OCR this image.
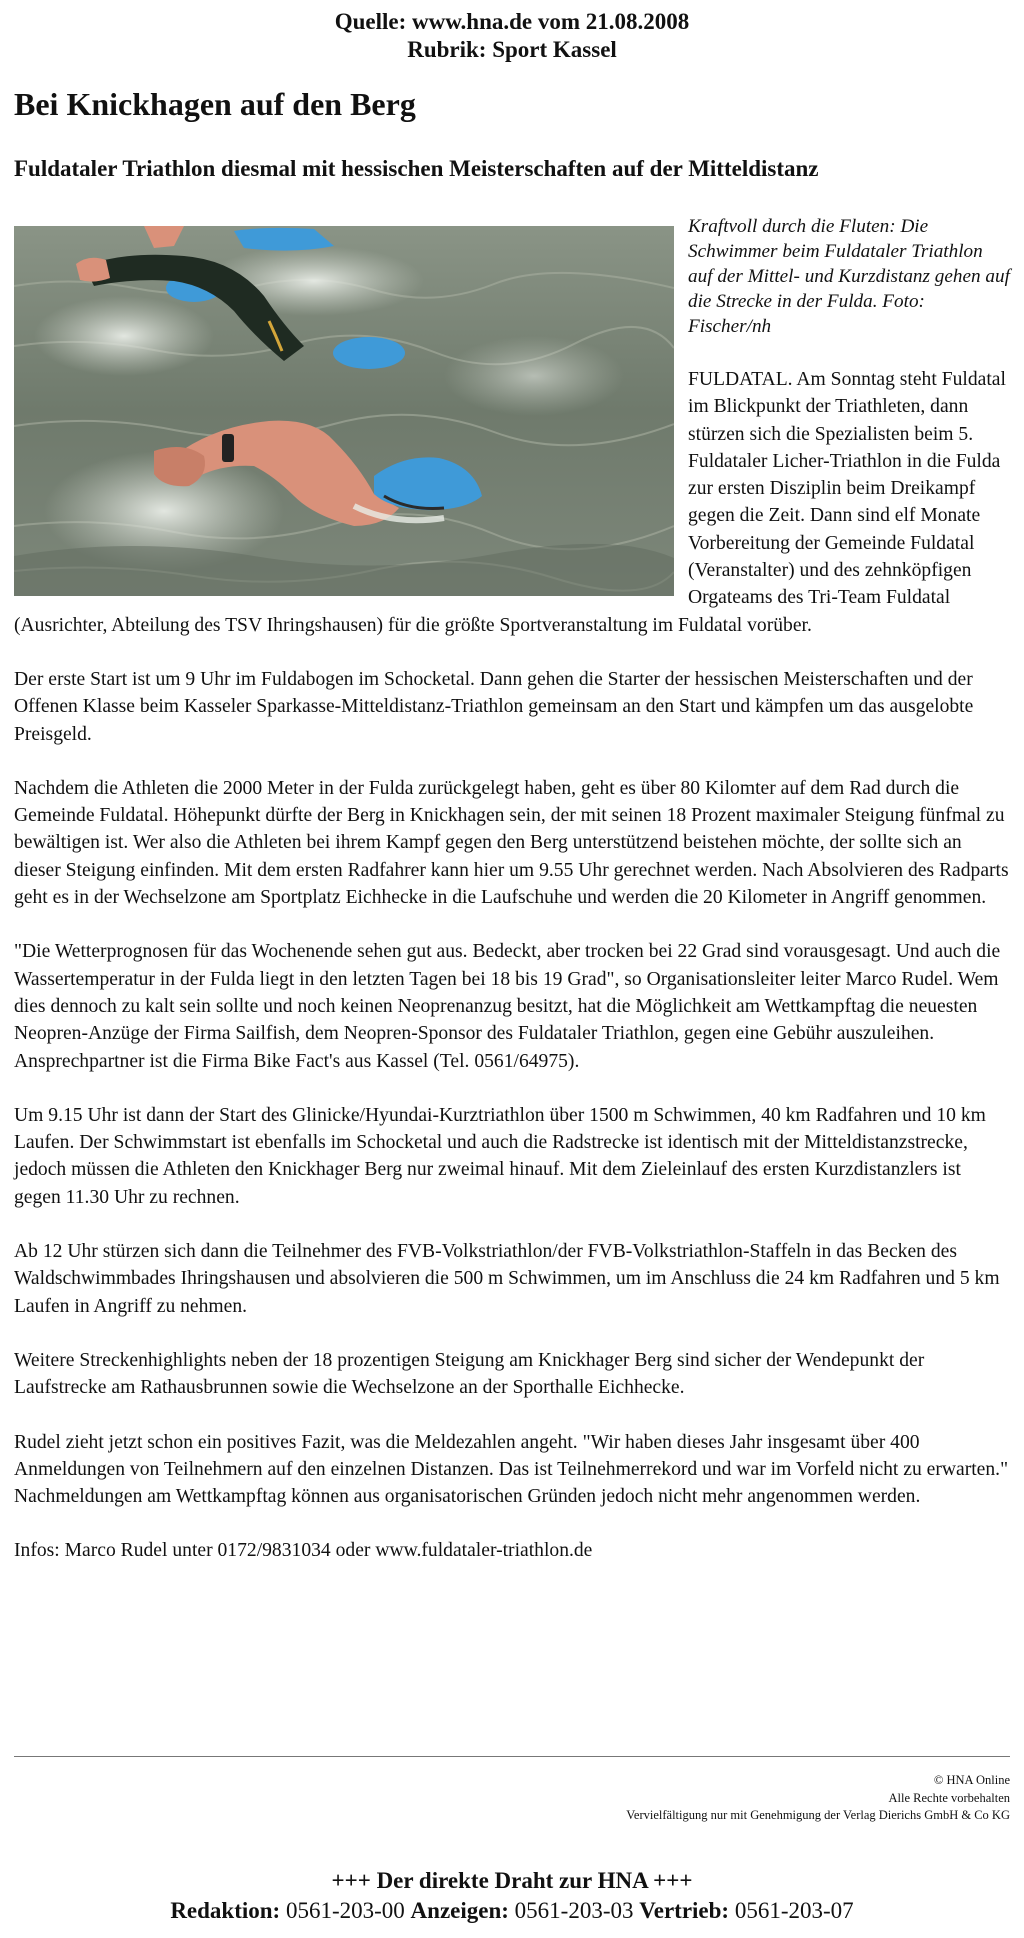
Quelle: www.hna.de vom 21.08.2008
Rubrik: Sport Kassel
Bei Knickhagen auf den Berg
Fuldataler Triathlon diesmal mit hessischen Meisterschaften auf der Mitteldistanz

Kraftvoll durch die Fluten: Die Schwimmer beim Fuldataler Triathlon auf der Mittel- und Kurzdistanz gehen auf die Strecke in der Fulda. Foto: Fischer/nh

FULDATAL. Am Sonntag steht Fuldatal im Blickpunkt der Triathleten, dann stürzen sich die Spezialisten beim 5. Fuldataler Licher-Triathlon in die Fulda zur ersten Disziplin beim Dreikampf gegen die Zeit. Dann sind elf Monate Vorbereitung der Gemeinde Fuldatal (Veranstalter) und des zehnköpfigen Orgateams des Tri-Team Fuldatal (Ausrichter, Abteilung des TSV Ihringshausen) für die größte Sportveranstaltung im Fuldatal vorüber.

Der erste Start ist um 9 Uhr im Fuldabogen im Schocketal. Dann gehen die Starter der hessischen Meisterschaften und der Offenen Klasse beim Kasseler Sparkasse-Mitteldistanz-Triathlon gemeinsam an den Start und kämpfen um das ausgelobte Preisgeld.

Nachdem die Athleten die 2000 Meter in der Fulda zurückgelegt haben, geht es über 80 Kilomter auf dem Rad durch die Gemeinde Fuldatal. Höhepunkt dürfte der Berg in Knickhagen sein, der mit seinen 18 Prozent maximaler Steigung fünfmal zu bewältigen ist. Wer also die Athleten bei ihrem Kampf gegen den Berg unterstützend beistehen möchte, der sollte sich an dieser Steigung einfinden. Mit dem ersten Radfahrer kann hier um 9.55 Uhr gerechnet werden. Nach Absolvieren des Radparts geht es in der Wechselzone am Sportplatz Eichhecke in die Laufschuhe und werden die 20 Kilometer in Angriff genommen.

"Die Wetterprognosen für das Wochenende sehen gut aus. Bedeckt, aber trocken bei 22 Grad sind vorausgesagt. Und auch die Wassertemperatur in der Fulda liegt in den letzten Tagen bei 18 bis 19 Grad", so Organisationsleiter leiter Marco Rudel. Wem dies dennoch zu kalt sein sollte und noch keinen Neoprenanzug besitzt, hat die Möglichkeit am Wettkampftag die neuesten Neopren-Anzüge der Firma Sailfish, dem Neopren-Sponsor des Fuldataler Triathlon, gegen eine Gebühr auszuleihen. Ansprechpartner ist die Firma Bike Fact's aus Kassel (Tel. 0561/64975).

Um 9.15 Uhr ist dann der Start des Glinicke/Hyundai-Kurztriathlon über 1500 m Schwimmen, 40 km Radfahren und 10 km Laufen. Der Schwimmstart ist ebenfalls im Schocketal und auch die Radstrecke ist identisch mit der Mitteldistanzstrecke, jedoch müssen die Athleten den Knickhager Berg nur zweimal hinauf. Mit dem Zieleinlauf des ersten Kurzdistanzlers ist gegen 11.30 Uhr zu rechnen.

Ab 12 Uhr stürzen sich dann die Teilnehmer des FVB-Volkstriathlon/der FVB-Volkstriathlon-Staffeln in das Becken des Waldschwimmbades Ihringshausen und absolvieren die 500 m Schwimmen, um im Anschluss die 24 km Radfahren und 5 km Laufen in Angriff zu nehmen.

Weitere Streckenhighlights neben der 18 prozentigen Steigung am Knickhager Berg sind sicher der Wendepunkt der Laufstrecke am Rathausbrunnen sowie die Wechselzone an der Sporthalle Eichhecke.

Rudel zieht jetzt schon ein positives Fazit, was die Meldezahlen angeht. "Wir haben dieses Jahr insgesamt über 400 Anmeldungen von Teilnehmern auf den einzelnen Distanzen. Das ist Teilnehmerrekord und war im Vorfeld nicht zu erwarten." Nachmeldungen am Wettkampftag können aus organisatorischen Gründen jedoch nicht mehr angenommen werden.

Infos: Marco Rudel unter 0172/9831034 oder www.fuldataler-triathlon.de

© HNA Online
Alle Rechte vorbehalten
Vervielfältigung nur mit Genehmigung der Verlag Dierichs GmbH & Co KG
+++ Der direkte Draht zur HNA +++
Redaktion: 0561-203-00 Anzeigen: 0561-203-03 Vertrieb: 0561-203-07
